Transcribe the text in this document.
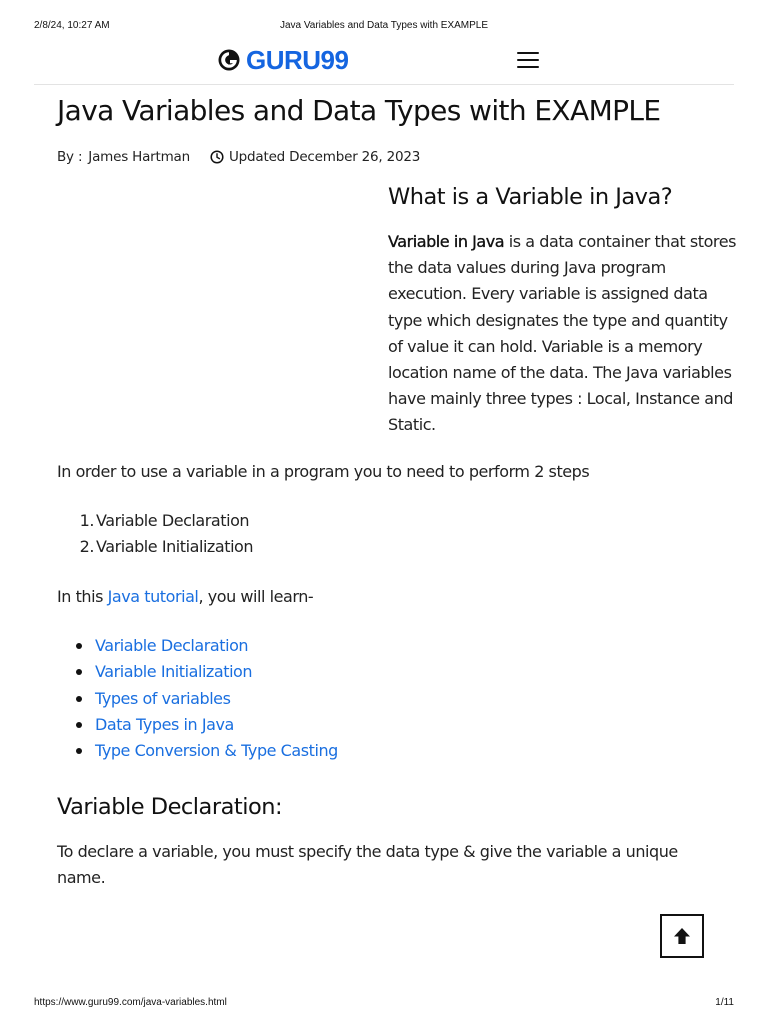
2/8/24, 10:27 AM	Java Variables and Data Types with EXAMPLE
GURU99
Java Variables and Data Types with EXAMPLE
By : James Hartman	Updated December 26, 2023
What is a Variable in Java?

Variable in Java is a data container that stores the data values during Java program execution. Every variable is assigned data type which designates the type and quantity of value it can hold. Variable is a memory location name of the data. The Java variables have mainly three types : Local, Instance and Static.

In order to use a variable in a program you to need to perform 2 steps

1. Variable Declaration
2. Variable Initialization

In this Java tutorial, you will learn-

Variable Declaration
Variable Initialization
Types of variables
Data Types in Java
Type Conversion & Type Casting
Variable Declaration:

To declare a variable, you must specify the data type & give the variable a unique name.

https://www.guru99.com/java-variables.html	1/11
